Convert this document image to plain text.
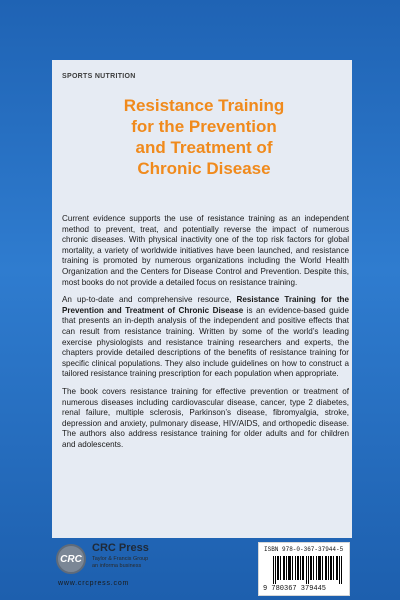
SPORTS NUTRITION
Resistance Training
for the Prevention
and Treatment of
Chronic Disease

Current evidence supports the use of resistance training as an independent method to prevent, treat, and potentially reverse the impact of numerous chronic diseases. With physical inactivity one of the top risk factors for global mortality, a variety of worldwide initiatives have been launched, and resistance training is promoted by numerous organizations including the World Health Organization and the Centers for Disease Control and Prevention. Despite this, most books do not provide a detailed focus on resistance training.

An up-to-date and comprehensive resource, Resistance Training for the Prevention and Treatment of Chronic Disease is an evidence-based guide that presents an in-depth analysis of the independent and positive effects that can result from resistance training. Written by some of the world’s leading exercise physiologists and resistance training researchers and experts, the chapters provide detailed descriptions of the benefits of resistance training for specific clinical populations. They also include guidelines on how to construct a tailored resistance training prescription for each population when appropriate.

The book covers resistance training for effective prevention or treatment of numerous diseases including cardiovascular disease, cancer, type 2 diabetes, renal failure, multiple sclerosis, Parkinson’s disease, fibromyalgia, stroke, depression and anxiety, pulmonary disease, HIV/AIDS, and orthopedic disease. The authors also address resistance training for older adults and for children and adolescents.

CRC
CRC Press
Taylor & Francis Group
an informa business
www.crcpress.com
ISBN 978-0-367-37944-5
9 780367 379445
